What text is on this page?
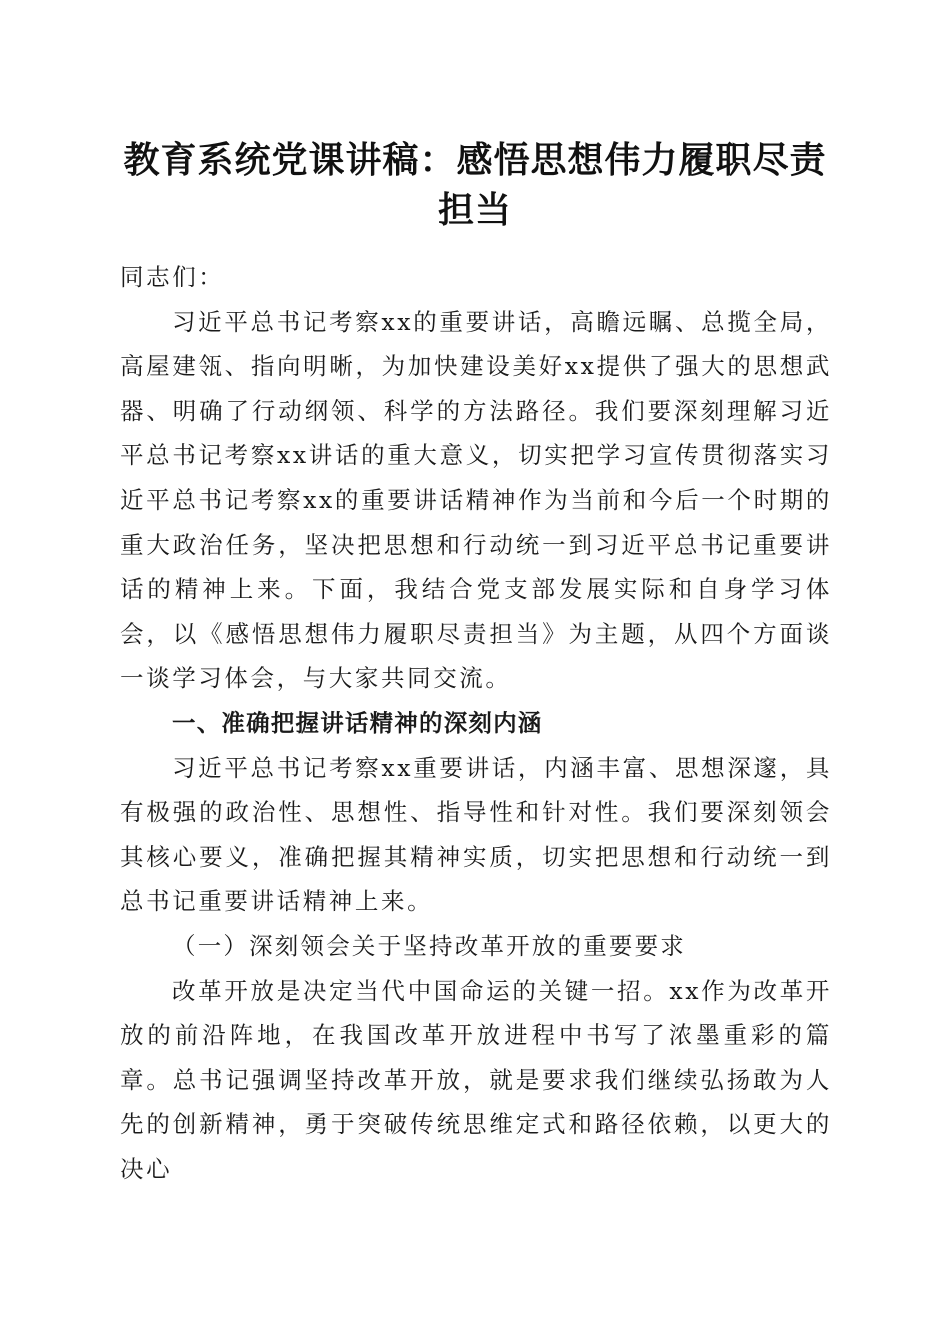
教育系统党课讲稿：感悟思想伟力履职尽责担当

同志们：

习近平总书记考察xx的重要讲话，高瞻远瞩、总揽全局，高屋建瓴、指向明晰，为加快建设美好xx提供了强大的思想武器、明确了行动纲领、科学的方法路径。我们要深刻理解习近平总书记考察xx讲话的重大意义，切实把学习宣传贯彻落实习近平总书记考察xx的重要讲话精神作为当前和今后一个时期的重大政治任务，坚决把思想和行动统一到习近平总书记重要讲话的精神上来。下面，我结合党支部发展实际和自身学习体会，以《感悟思想伟力履职尽责担当》为主题，从四个方面谈一谈学习体会，与大家共同交流。

一、准确把握讲话精神的深刻内涵

习近平总书记考察xx重要讲话，内涵丰富、思想深邃，具有极强的政治性、思想性、指导性和针对性。我们要深刻领会其核心要义，准确把握其精神实质，切实把思想和行动统一到总书记重要讲话精神上来。

（一）深刻领会关于坚持改革开放的重要要求

改革开放是决定当代中国命运的关键一招。xx作为改革开放的前沿阵地，在我国改革开放进程中书写了浓墨重彩的篇章。总书记强调坚持改革开放，就是要求我们继续弘扬敢为人先的创新精神，勇于突破传统思维定式和路径依赖，以更大的决心
